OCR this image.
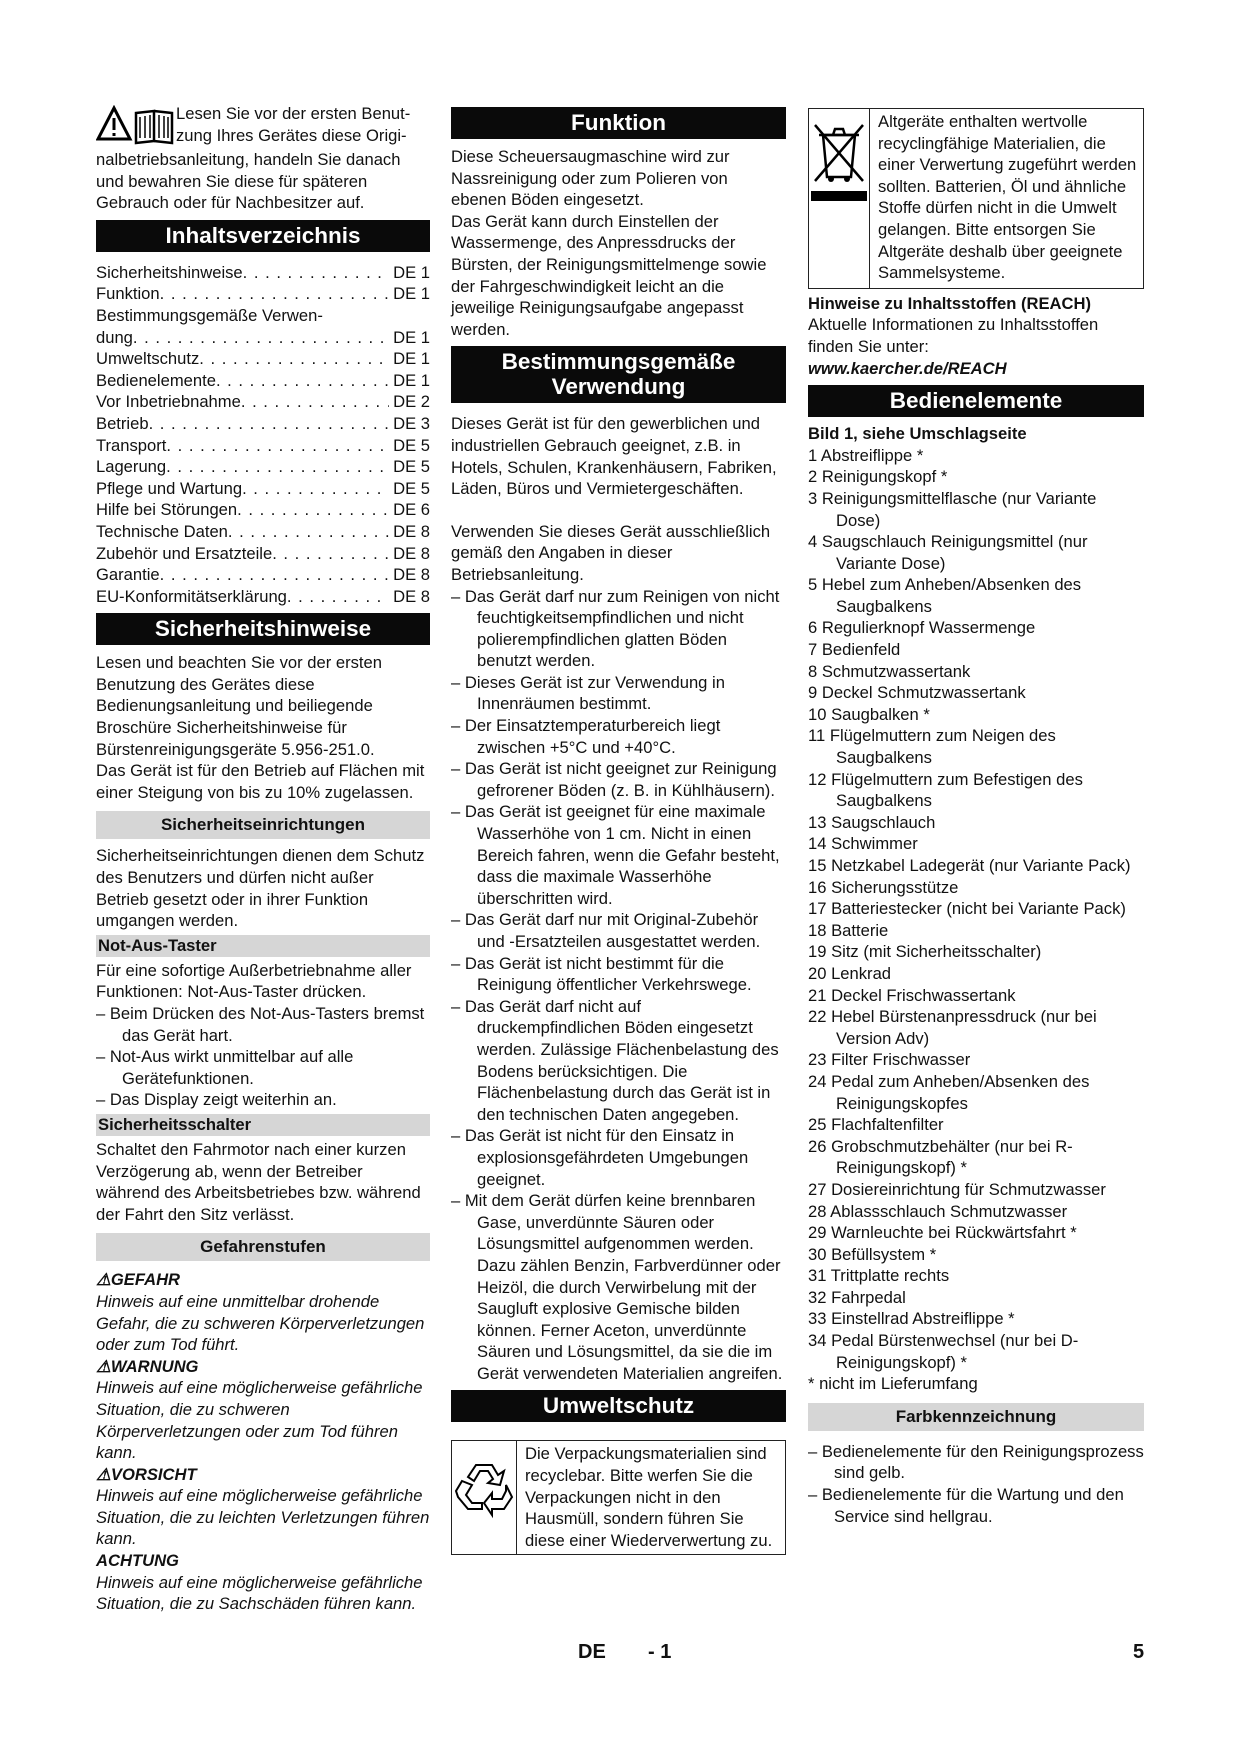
Lesen Sie vor der ersten Benut-

zung Ihres Gerätes diese Origi-

nalbetriebsanleitung, handeln Sie danach und bewahren Sie diese für späteren Gebrauch oder für Nachbesitzer auf.

Inhaltsverzeichnis
Sicherheitshinweise . . .	DE 1
Funktion . . .	DE 1
Bestimmungsgemäße Verwen-
dung . . .	DE 1
Umweltschutz . . .	DE 1
Bedienelemente . . .	DE 1
Vor Inbetriebnahme . . .	DE 2
Betrieb . . .	DE 3
Transport . . .	DE 5
Lagerung . . .	DE 5
Pflege und Wartung . . .	DE 5
Hilfe bei Störungen . . .	DE 6
Technische Daten . . .	DE 8
Zubehör und Ersatzteile . . .	DE 8
Garantie . . .	DE 8
EU-Konformitätserklärung . . .	DE 8
Sicherheitshinweise

Lesen und beachten Sie vor der ersten Benutzung des Gerätes diese Bedienungsanleitung und beiliegende Broschüre Sicherheitshinweise für Bürstenreinigungsgeräte 5.956-251.0.

Das Gerät ist für den Betrieb auf Flächen mit einer Steigung von bis zu 10% zugelassen.

Sicherheitseinrichtungen

Sicherheitseinrichtungen dienen dem Schutz des Benutzers und dürfen nicht außer Betrieb gesetzt oder in ihrer Funktion umgangen werden.

Not-Aus-Taster

Für eine sofortige Außerbetriebnahme aller Funktionen: Not-Aus-Taster drücken.

– Beim Drücken des Not-Aus-Tasters bremst das Gerät hart.

– Not-Aus wirkt unmittelbar auf alle Gerätefunktionen.

– Das Display zeigt weiterhin an.

Sicherheitsschalter

Schaltet den Fahrmotor nach einer kurzen Verzögerung ab, wenn der Betreiber während des Arbeitsbetriebes bzw. während der Fahrt den Sitz verlässt.

Gefahrenstufen

⚠GEFAHR

Hinweis auf eine unmittelbar drohende Gefahr, die zu schweren Körperverletzungen oder zum Tod führt.

⚠WARNUNG

Hinweis auf eine möglicherweise gefährliche Situation, die zu schweren Körperverletzungen oder zum Tod führen kann.

⚠VORSICHT

Hinweis auf eine möglicherweise gefährliche Situation, die zu leichten Verletzungen führen kann.

ACHTUNG

Hinweis auf eine möglicherweise gefährliche Situation, die zu Sachschäden führen kann.

Funktion

Diese Scheuersaugmaschine wird zur Nassreinigung oder zum Polieren von ebenen Böden eingesetzt.

Das Gerät kann durch Einstellen der Wassermenge, des Anpressdrucks der Bürsten, der Reinigungsmittelmenge sowie der Fahrgeschwindigkeit leicht an die jeweilige Reinigungsaufgabe angepasst werden.

Bestimmungsgemäße
Verwendung

Dieses Gerät ist für den gewerblichen und industriellen Gebrauch geeignet, z.B. in Hotels, Schulen, Krankenhäusern, Fabriken, Läden, Büros und Vermietergeschäften.

Verwenden Sie dieses Gerät ausschließlich gemäß den Angaben in dieser Betriebsanleitung.

– Das Gerät darf nur zum Reinigen von nicht feuchtigkeitsempfindlichen und nicht polierempfindlichen glatten Böden benutzt werden.

– Dieses Gerät ist zur Verwendung in Innenräumen bestimmt.

– Der Einsatztemperaturbereich liegt zwischen +5°C und +40°C.

– Das Gerät ist nicht geeignet zur Reinigung gefrorener Böden (z. B. in Kühlhäusern).

– Das Gerät ist geeignet für eine maximale Wasserhöhe von 1 cm. Nicht in einen Bereich fahren, wenn die Gefahr besteht, dass die maximale Wasserhöhe überschritten wird.

– Das Gerät darf nur mit Original-Zubehör und -Ersatzteilen ausgestattet werden.

– Das Gerät ist nicht bestimmt für die Reinigung öffentlicher Verkehrswege.

– Das Gerät darf nicht auf druckempfindlichen Böden eingesetzt werden. Zulässige Flächenbelastung des Bodens berücksichtigen. Die Flächenbelastung durch das Gerät ist in den technischen Daten angegeben.

– Das Gerät ist nicht für den Einsatz in explosionsgefährdeten Umgebungen geeignet.

– Mit dem Gerät dürfen keine brennbaren Gase, unverdünnte Säuren oder Lösungsmittel aufgenommen werden. Dazu zählen Benzin, Farbverdünner oder Heizöl, die durch Verwirbelung mit der Saugluft explosive Gemische bilden können. Ferner Aceton, unverdünnte Säuren und Lösungsmittel, da sie die im Gerät verwendeten Materialien angreifen.

Umweltschutz
Die Verpackungsmaterialien sind recyclebar. Bitte werfen Sie die Verpackungen nicht in den Hausmüll, sondern führen Sie diese einer Wiederverwertung zu.
Altgeräte enthalten wertvolle recyclingfähige Materialien, die einer Verwertung zugeführt werden sollten. Batterien, Öl und ähnliche Stoffe dürfen nicht in die Umwelt gelangen. Bitte entsorgen Sie Altgeräte deshalb über geeignete Sammelsysteme.

Hinweise zu Inhaltsstoffen (REACH)

Aktuelle Informationen zu Inhaltsstoffen finden Sie unter:

www.kaercher.de/REACH

Bedienelemente

Bild 1, siehe Umschlagseite

1 Abstreiflippe *

2 Reinigungskopf *

3 Reinigungsmittelflasche (nur Variante Dose)

4 Saugschlauch Reinigungsmittel (nur Variante Dose)

5 Hebel zum Anheben/Absenken des Saugbalkens

6 Regulierknopf Wassermenge

7 Bedienfeld

8 Schmutzwassertank

9 Deckel Schmutzwassertank

10 Saugbalken *

11 Flügelmuttern zum Neigen des Saugbalkens

12 Flügelmuttern zum Befestigen des Saugbalkens

13 Saugschlauch

14 Schwimmer

15 Netzkabel Ladegerät (nur Variante Pack)

16 Sicherungsstütze

17 Batteriestecker (nicht bei Variante Pack)

18 Batterie

19 Sitz (mit Sicherheitsschalter)

20 Lenkrad

21 Deckel Frischwassertank

22 Hebel Bürstenanpressdruck (nur bei Version Adv)

23 Filter Frischwasser

24 Pedal zum Anheben/Absenken des Reinigungskopfes

25 Flachfaltenfilter

26 Grobschmutzbehälter (nur bei R-Reinigungskopf) *

27 Dosiereinrichtung für Schmutzwasser

28 Ablassschlauch Schmutzwasser

29 Warnleuchte bei Rückwärtsfahrt *

30 Befüllsystem *

31 Trittplatte rechts

32 Fahrpedal

33 Einstellrad Abstreiflippe *

34 Pedal Bürstenwechsel (nur bei D-Reinigungskopf) *

* nicht im Lieferumfang

Farbkennzeichnung

– Bedienelemente für den Reinigungsprozess sind gelb.

– Bedienelemente für die Wartung und den Service sind hellgrau.

DE - 1	5
